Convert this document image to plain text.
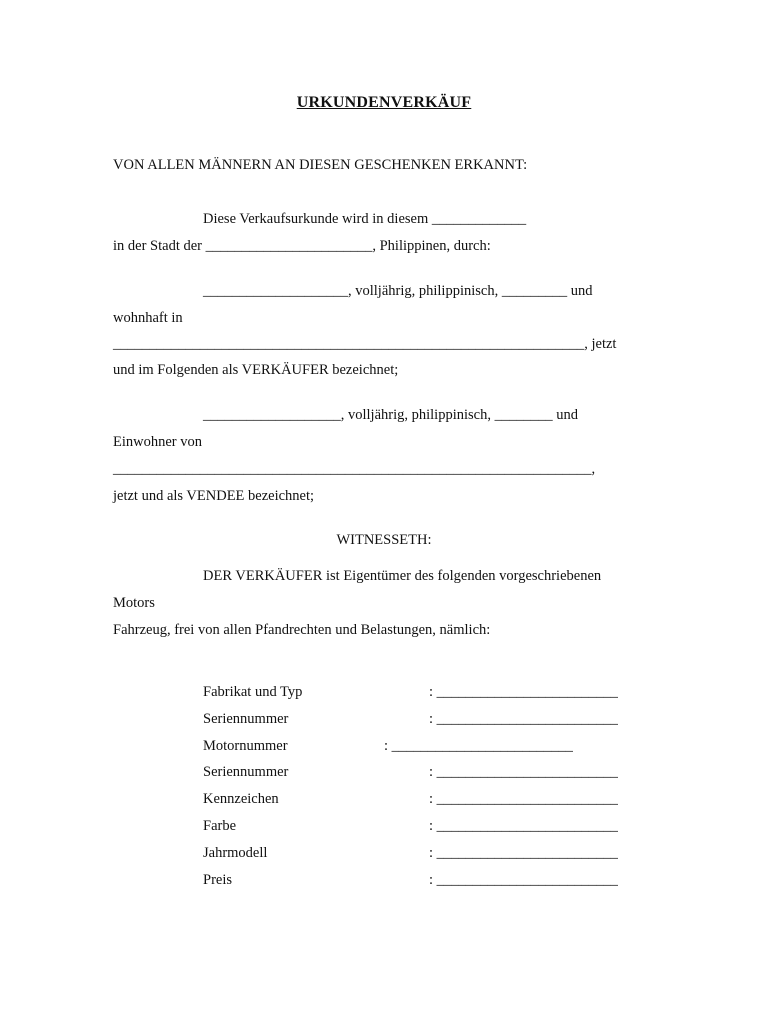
URKUNDENVERKÄUF
VON ALLEN MÄNNERN AN DIESEN GESCHENKEN ERKANNT:
Diese Verkaufsurkunde wird in diesem _____________
in der Stadt der _______________________, Philippinen, durch:
____________________, volljährig, philippinisch, _________ und
wohnhaft in
_________________________________________________________________, jetzt
und im Folgenden als VERKÄUFER bezeichnet;
___________________, volljährig, philippinisch, ________ und
Einwohner von
__________________________________________________________________,
jetzt und als VENDEE bezeichnet;
WITNESSETH:
DER VERKÄUFER ist Eigentümer des folgenden vorgeschriebenen
Motors
Fahrzeug, frei von allen Pfandrechten und Belastungen, nämlich:
Fabrikat und Typ	: _________________________
Seriennummer	: _________________________
Motornummer	: _________________________
Seriennummer	: _________________________
Kennzeichen	: _________________________
Farbe	: _________________________
Jahrmodell	: _________________________
Preis	: _________________________
